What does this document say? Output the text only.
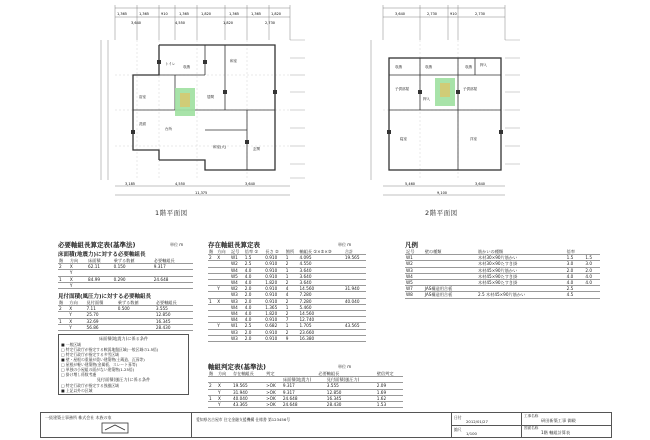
1,365	1,365	910	1,365	1,820	1,365	1,365	1,820
3,640	4,550	1,820	2,730
3,185	4,550	3,640
11,375
和室
収納
浴室
洗面
トイレ
居間
和室(大)
台所
玄関
1階平面図
3,640	2,730	910	2,730
5,460	3,640
9,100
収納	収納	収納
子供部屋	子供部屋
寝室	洋室
押入
押入
2階平面図
必要軸組長算定表(基準法)	単位 m
床面積(地震力)に対する必要軸組長
階	方向	床面積	乗ずる数値	必要軸組長
2	X	62.11	0.150	9.317
	Y			
1	X	84.99	0.290	24.648
	Y			
見付面積(風圧力)に対する必要軸組長
階	方向	見付面積	乗ずる数値	必要軸組長
2	X	7.11	0.500	3.555
	Y	25.70		12.850
1	X	32.69		16.345
	Y	56.86		28.430
床面積(地震力)に係る条件
■ 一般区域
□ 特定行政庁が指定する軟弱地盤区域(一般区域の1.5倍)
□ 特定行政庁が指定する多雪区域
■ 壁・屋根の重量が重い建築物(土蔵造、瓦葺等)
□ 屋根が軽い建築物(金属板、スレート葺等)
□ 単独の小屋組の面がない建築物(1.25倍)
□ 掛け増し係数考慮
見付面積(風圧力)に係る条件
□ 特定行政庁が指定する強風区域
■ 上記以外の区域
存在軸組長算定表	単位 m
階	方向	記号	倍率 ①	長さ ②	箇所	軸組長 ①×②×③	合計
2	X	W1	1.5	0.910	1	4.095	19.565
		W2	2.5	0.910	2	4.550	
		W4	4.0	0.910	1	3.640	
		W5	4.0	0.910	1	3.640	
		W4	4.0	1.820	2	3.640	
	Y	W2	2.0	0.910	4	14.560	31.940
		W3	2.0	0.910	4	7.280	
1	X	W3	2.0	0.910	2	7.280	40.040
		W4	4.0	1.365	1	5.460	
		W4	4.0	1.820	2	14.560	
		W4	4.0	0.910	7	12.740	
	Y	W1	2.5	0.682	1	1.705	43.565
		W3	2.0	0.910	2	23.660	
		W3	2.0	0.910	9	16.380	
軸組判定表(基準法)	単位 m
階	方向	存在軸組長	判定	必要軸組長		壁倍判定
				床面積(地震力)	見付面積(風圧力)	
2	X	19.565	>OK	9.317	3.555	2.09
	Y	31.940	>OK	9.317	12.850	1.69
1	X	40.040	>OK	24.648	16.345	1.62
	Y	43.365	>OK	24.648	28.430	1.53
凡例
記号	壁の種類	筋かいの種類	倍率	
W1		木材30×90片筋かい	1.5	1.5
W2		木材30×90たすき掛	3.0	3.0
W3		木材45×90片筋かい	2.0	2.0
W4		木材45×90たすき掛	4.0	4.0
W5		木材45×90たすき掛	4.0	4.0
W7	JAS構造用合板		2.5	
W8	JAS構造用合板	2.5 木材45×90片筋かい	4.5	
一級建築士事務所 株式会社 木族の家	愛知県名古屋市 住宅金融支援機構 仕様書 第123456号	日付
2012/01/27
縮尺
1/100
工事名称
研田新築工事 御殿
図面名称
1階 軸組計算表
